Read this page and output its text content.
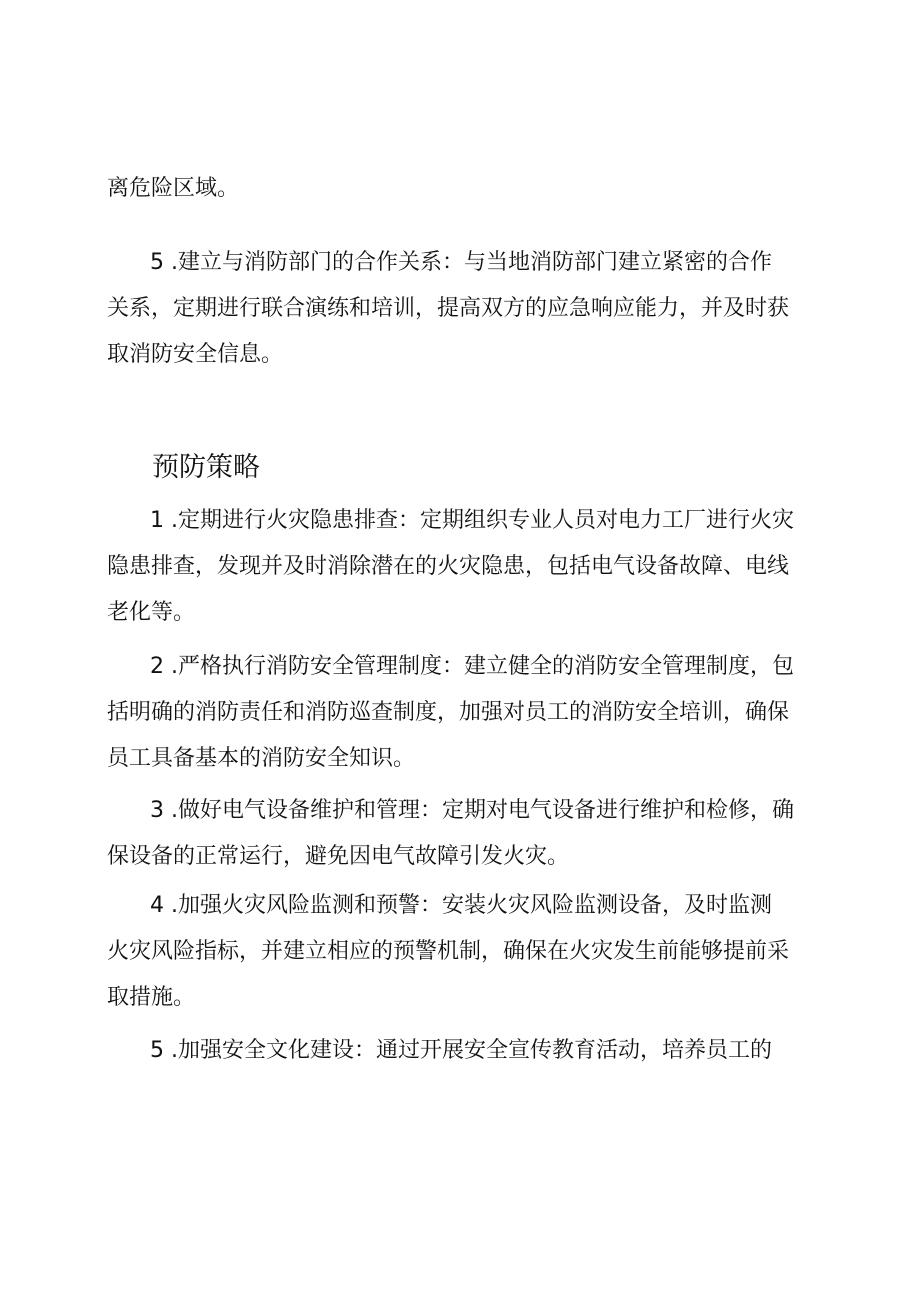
离危险区域。
5 .建立与消防部门的合作关系：与当地消防部门建立紧密的合作
关系，定期进行联合演练和培训，提高双方的应急响应能力，并及时获
取消防安全信息。
预防策略
1 .定期进行火灾隐患排查：定期组织专业人员对电力工厂进行火灾
隐患排查，发现并及时消除潜在的火灾隐患，包括电气设备故障、电线
老化等。
2 .严格执行消防安全管理制度：建立健全的消防安全管理制度，包
括明确的消防责任和消防巡查制度，加强对员工的消防安全培训，确保
员工具备基本的消防安全知识。
3 .做好电气设备维护和管理：定期对电气设备进行维护和检修，确
保设备的正常运行，避免因电气故障引发火灾。
4 .加强火灾风险监测和预警：安装火灾风险监测设备，及时监测
火灾风险指标，并建立相应的预警机制，确保在火灾发生前能够提前采
取措施。
5 .加强安全文化建设：通过开展安全宣传教育活动，培养员工的
